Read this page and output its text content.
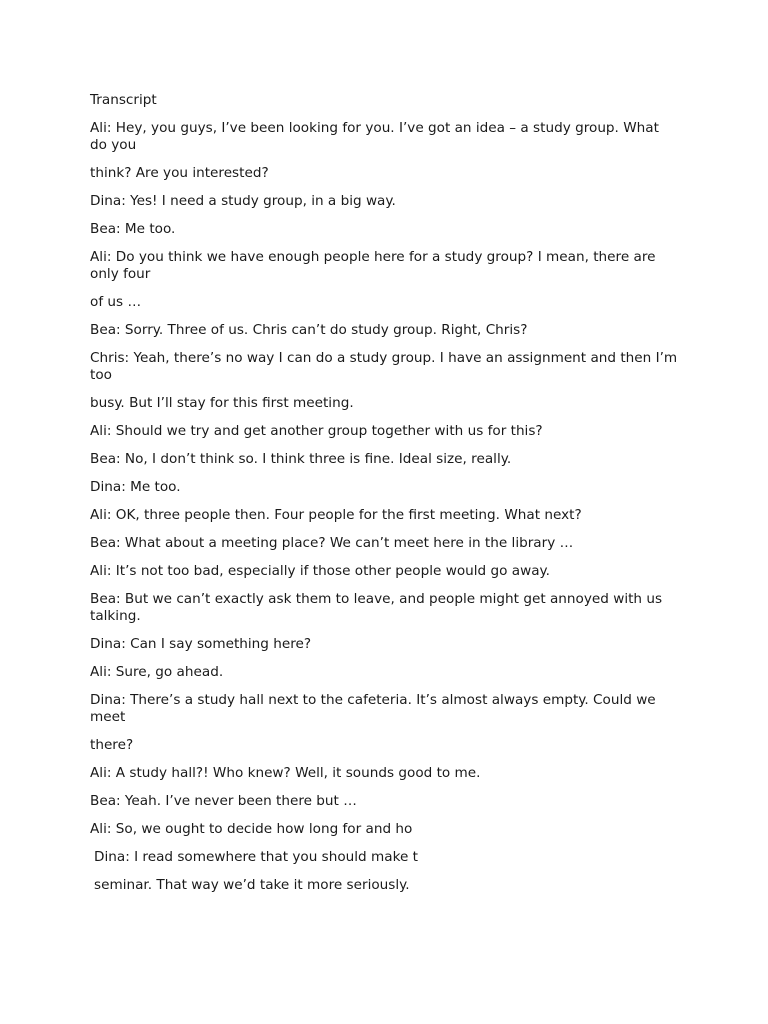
Transcript

Ali: Hey, you guys, I’ve been looking for you. I’ve got an idea – a study group. What do you

think? Are you interested?

Dina: Yes! I need a study group, in a big way.

Bea: Me too.

Ali: Do you think we have enough people here for a study group? I mean, there are only four

of us …

Bea: Sorry. Three of us. Chris can’t do study group. Right, Chris?

Chris: Yeah, there’s no way I can do a study group. I have an assignment and then I’m too

busy. But I’ll stay for this first meeting.

Ali: Should we try and get another group together with us for this?

Bea: No, I don’t think so. I think three is fine. Ideal size, really.

Dina: Me too.

Ali: OK, three people then. Four people for the first meeting. What next?

Bea: What about a meeting place? We can’t meet here in the library …

Ali: It’s not too bad, especially if those other people would go away.

Bea: But we can’t exactly ask them to leave, and people might get annoyed with us talking.

Dina: Can I say something here?

Ali: Sure, go ahead.

Dina: There’s a study hall next to the cafeteria. It’s almost always empty. Could we meet

there?

Ali: A study hall?! Who knew? Well, it sounds good to me.

Bea: Yeah. I’ve never been there but …

Ali: So, we ought to decide how long for and ho

Dina: I read somewhere that you should make t

seminar. That way we’d take it more seriously.
